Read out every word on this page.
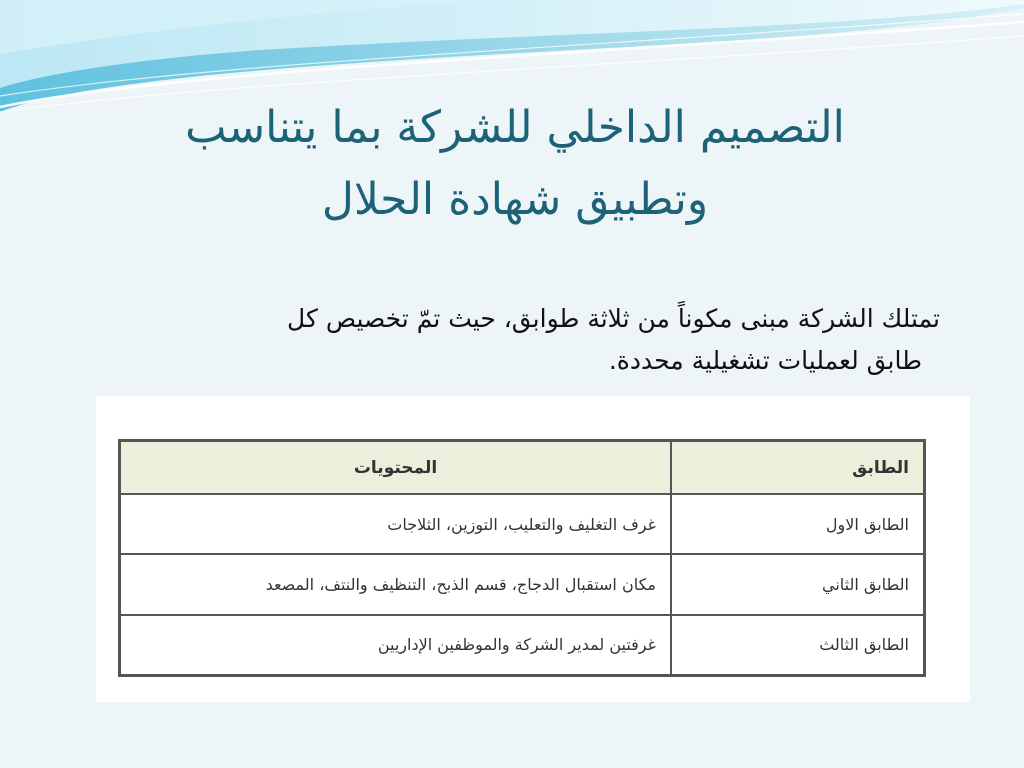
التصميم الداخلي للشركة بما يتناسب
وتطبيق شهادة الحلال

تمتلك الشركة مبنى مكوناً من ثلاثة طوابق، حيث تمّ تخصيص كل
طابق لعمليات تشغيلية محددة.

الطابق	المحتويات
الطابق الاول	غرف التغليف والتعليب، التوزين، الثلاجات
الطابق الثاني	مكان استقبال الدجاج، قسم الذبح، التنظيف والنتف، المصعد
الطابق الثالث	غرفتين لمدير الشركة والموظفين الإداريين
